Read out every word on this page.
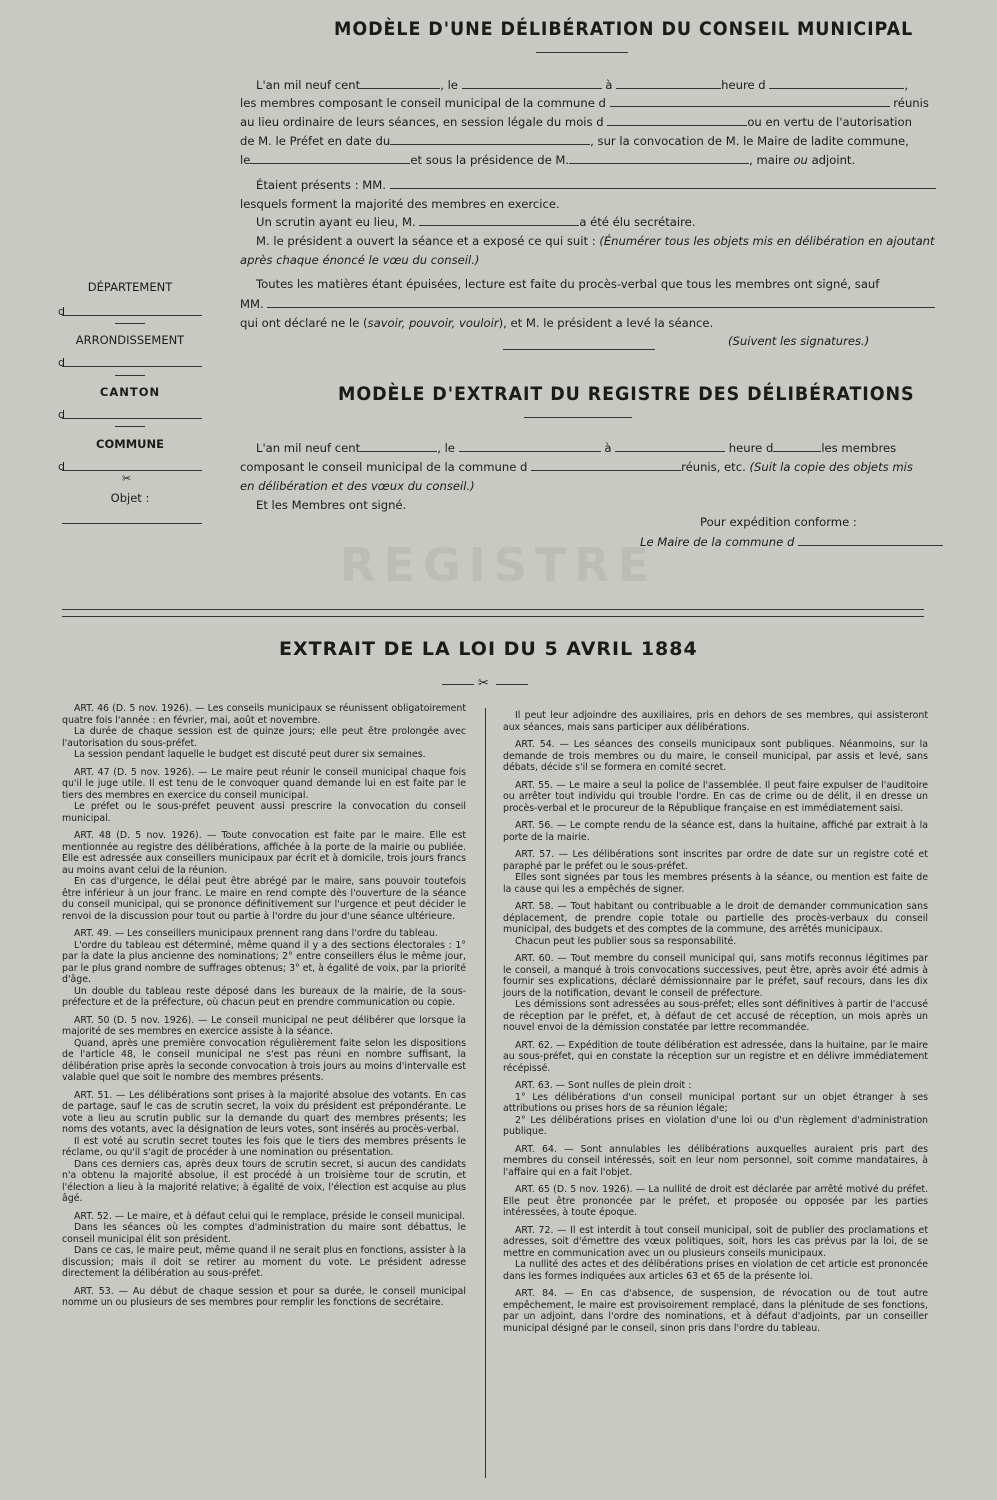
MODÈLE D'UNE DÉLIBÉRATION DU CONSEIL MUNICIPAL
L'an mil neuf cent	, le	à	heure d	,
les membres composant le conseil municipal de la commune d	réunis
au lieu ordinaire de leurs séances, en session légale du mois d	ou en vertu de l'autorisation
de M. le Préfet en date du	, sur la convocation de M. le Maire de ladite commune,
le	et sous la présidence de M.	, maire ou adjoint.
Étaient présents : MM.
lesquels forment la majorité des membres en exercice.
Un scrutin ayant eu lieu, M.	a été élu secrétaire.
M. le président a ouvert la séance et a exposé ce qui suit : (Énumérer tous les objets mis en délibération en ajoutant
après chaque énoncé le vœu du conseil.)
Toutes les matières étant épuisées, lecture est faite du procès-verbal que tous les membres ont signé, sauf
MM.
qui ont déclaré ne le (savoir, pouvoir, vouloir), et M. le président a levé la séance.
(Suivent les signatures.)
DÉPARTEMENT
d
ARRONDISSEMENT
d
CANTON
d
COMMUNE
d
✂
Objet :
MODÈLE D'EXTRAIT DU REGISTRE DES DÉLIBÉRATIONS
L'an mil neuf cent	, le	à	heure d	les membres
composant le conseil municipal de la commune d	réunis, etc. (Suit la copie des objets mis
en délibération et des vœux du conseil.)
Et les Membres ont signé.
Pour expédition conforme :
Le Maire de la commune d
REGISTRE
EXTRAIT DE LA LOI DU 5 AVRIL 1884
✂
ART. 46 (D. 5 nov. 1926). — Les conseils municipaux se réunissent obligatoirement quatre fois l'année : en février, mai, août et novembre.
La durée de chaque session est de quinze jours; elle peut être prolongée avec l'autorisation du sous-préfet.
La session pendant laquelle le budget est discuté peut durer six semaines.
ART. 47 (D. 5 nov. 1926). — Le maire peut réunir le conseil municipal chaque fois qu'il le juge utile. Il est tenu de le convoquer quand demande lui en est faite par le tiers des membres en exercice du conseil municipal.
Le préfet ou le sous-préfet peuvent aussi prescrire la convocation du conseil municipal.
ART. 48 (D. 5 nov. 1926). — Toute convocation est faite par le maire. Elle est mentionnée au registre des délibérations, affichée à la porte de la mairie ou publiée. Elle est adressée aux conseillers municipaux par écrit et à domicile, trois jours francs au moins avant celui de la réunion.
En cas d'urgence, le délai peut être abrégé par le maire, sans pouvoir toutefois être inférieur à un jour franc. Le maire en rend compte dès l'ouverture de la séance du conseil municipal, qui se prononce définitivement sur l'urgence et peut décider le renvoi de la discussion pour tout ou partie à l'ordre du jour d'une séance ultérieure.
ART. 49. — Les conseillers municipaux prennent rang dans l'ordre du tableau.
L'ordre du tableau est déterminé, même quand il y a des sections électorales : 1° par la date la plus ancienne des nominations; 2° entre conseillers élus le même jour, par le plus grand nombre de suffrages obtenus; 3° et, à égalité de voix, par la priorité d'âge.
Un double du tableau reste déposé dans les bureaux de la mairie, de la sous-préfecture et de la préfecture, où chacun peut en prendre communication ou copie.
ART. 50 (D. 5 nov. 1926). — Le conseil municipal ne peut délibérer que lorsque la majorité de ses membres en exercice assiste à la séance.
Quand, après une première convocation régulièrement faite selon les dispositions de l'article 48, le conseil municipal ne s'est pas réuni en nombre suffisant, la délibération prise après la seconde convocation à trois jours au moins d'intervalle est valable quel que soit le nombre des membres présents.
ART. 51. — Les délibérations sont prises à la majorité absolue des votants. En cas de partage, sauf le cas de scrutin secret, la voix du président est prépondérante. Le vote a lieu au scrutin public sur la demande du quart des membres présents; les noms des votants, avec la désignation de leurs votes, sont insérés au procès-verbal.
Il est voté au scrutin secret toutes les fois que le tiers des membres présents le réclame, ou qu'il s'agit de procéder à une nomination ou présentation.
Dans ces derniers cas, après deux tours de scrutin secret, si aucun des candidats n'a obtenu la majorité absolue, il est procédé à un troisième tour de scrutin, et l'élection a lieu à la majorité relative; à égalité de voix, l'élection est acquise au plus âgé.
ART. 52. — Le maire, et à défaut celui qui le remplace, préside le conseil municipal.
Dans les séances où les comptes d'administration du maire sont débattus, le conseil municipal élit son président.
Dans ce cas, le maire peut, même quand il ne serait plus en fonctions, assister à la discussion; mais il doit se retirer au moment du vote. Le président adresse directement la délibération au sous-préfet.
ART. 53. — Au début de chaque session et pour sa durée, le conseil municipal nomme un ou plusieurs de ses membres pour remplir les fonctions de secrétaire.
Il peut leur adjoindre des auxiliaires, pris en dehors de ses membres, qui assisteront aux séances, mais sans participer aux délibérations.
ART. 54. — Les séances des conseils municipaux sont publiques. Néanmoins, sur la demande de trois membres ou du maire, le conseil municipal, par assis et levé, sans débats, décide s'il se formera en comité secret.
ART. 55. — Le maire a seul la police de l'assemblée. Il peut faire expulser de l'auditoire ou arrêter tout individu qui trouble l'ordre. En cas de crime ou de délit, il en dresse un procès-verbal et le procureur de la République française en est immédiatement saisi.
ART. 56. — Le compte rendu de la séance est, dans la huitaine, affiché par extrait à la porte de la mairie.
ART. 57. — Les délibérations sont inscrites par ordre de date sur un registre coté et paraphé par le préfet ou le sous-préfet.
Elles sont signées par tous les membres présents à la séance, ou mention est faite de la cause qui les a empêchés de signer.
ART. 58. — Tout habitant ou contribuable a le droit de demander communication sans déplacement, de prendre copie totale ou partielle des procès-verbaux du conseil municipal, des budgets et des comptes de la commune, des arrêtés municipaux.
Chacun peut les publier sous sa responsabilité.
ART. 60. — Tout membre du conseil municipal qui, sans motifs reconnus légitimes par le conseil, a manqué à trois convocations successives, peut être, après avoir été admis à fournir ses explications, déclaré démissionnaire par le préfet, sauf recours, dans les dix jours de la notification, devant le conseil de préfecture.
Les démissions sont adressées au sous-préfet; elles sont définitives à partir de l'accusé de réception par le préfet, et, à défaut de cet accusé de réception, un mois après un nouvel envoi de la démission constatée par lettre recommandée.
ART. 62. — Expédition de toute délibération est adressée, dans la huitaine, par le maire au sous-préfet, qui en constate la réception sur un registre et en délivre immédiatement récépissé.
ART. 63. — Sont nulles de plein droit :
1° Les délibérations d'un conseil municipal portant sur un objet étranger à ses attributions ou prises hors de sa réunion légale;
2° Les délibérations prises en violation d'une loi ou d'un règlement d'administration publique.
ART. 64. — Sont annulables les délibérations auxquelles auraient pris part des membres du conseil intéressés, soit en leur nom personnel, soit comme mandataires, à l'affaire qui en a fait l'objet.
ART. 65 (D. 5 nov. 1926). — La nullité de droit est déclarée par arrêté motivé du préfet. Elle peut être prononcée par le préfet, et proposée ou opposée par les parties intéressées, à toute époque.
ART. 72. — Il est interdit à tout conseil municipal, soit de publier des proclamations et adresses, soit d'émettre des vœux politiques, soit, hors les cas prévus par la loi, de se mettre en communication avec un ou plusieurs conseils municipaux.
La nullité des actes et des délibérations prises en violation de cet article est prononcée dans les formes indiquées aux articles 63 et 65 de la présente loi.
ART. 84. — En cas d'absence, de suspension, de révocation ou de tout autre empêchement, le maire est provisoirement remplacé, dans la plénitude de ses fonctions, par un adjoint, dans l'ordre des nominations, et à défaut d'adjoints, par un conseiller municipal désigné par le conseil, sinon pris dans l'ordre du tableau.
